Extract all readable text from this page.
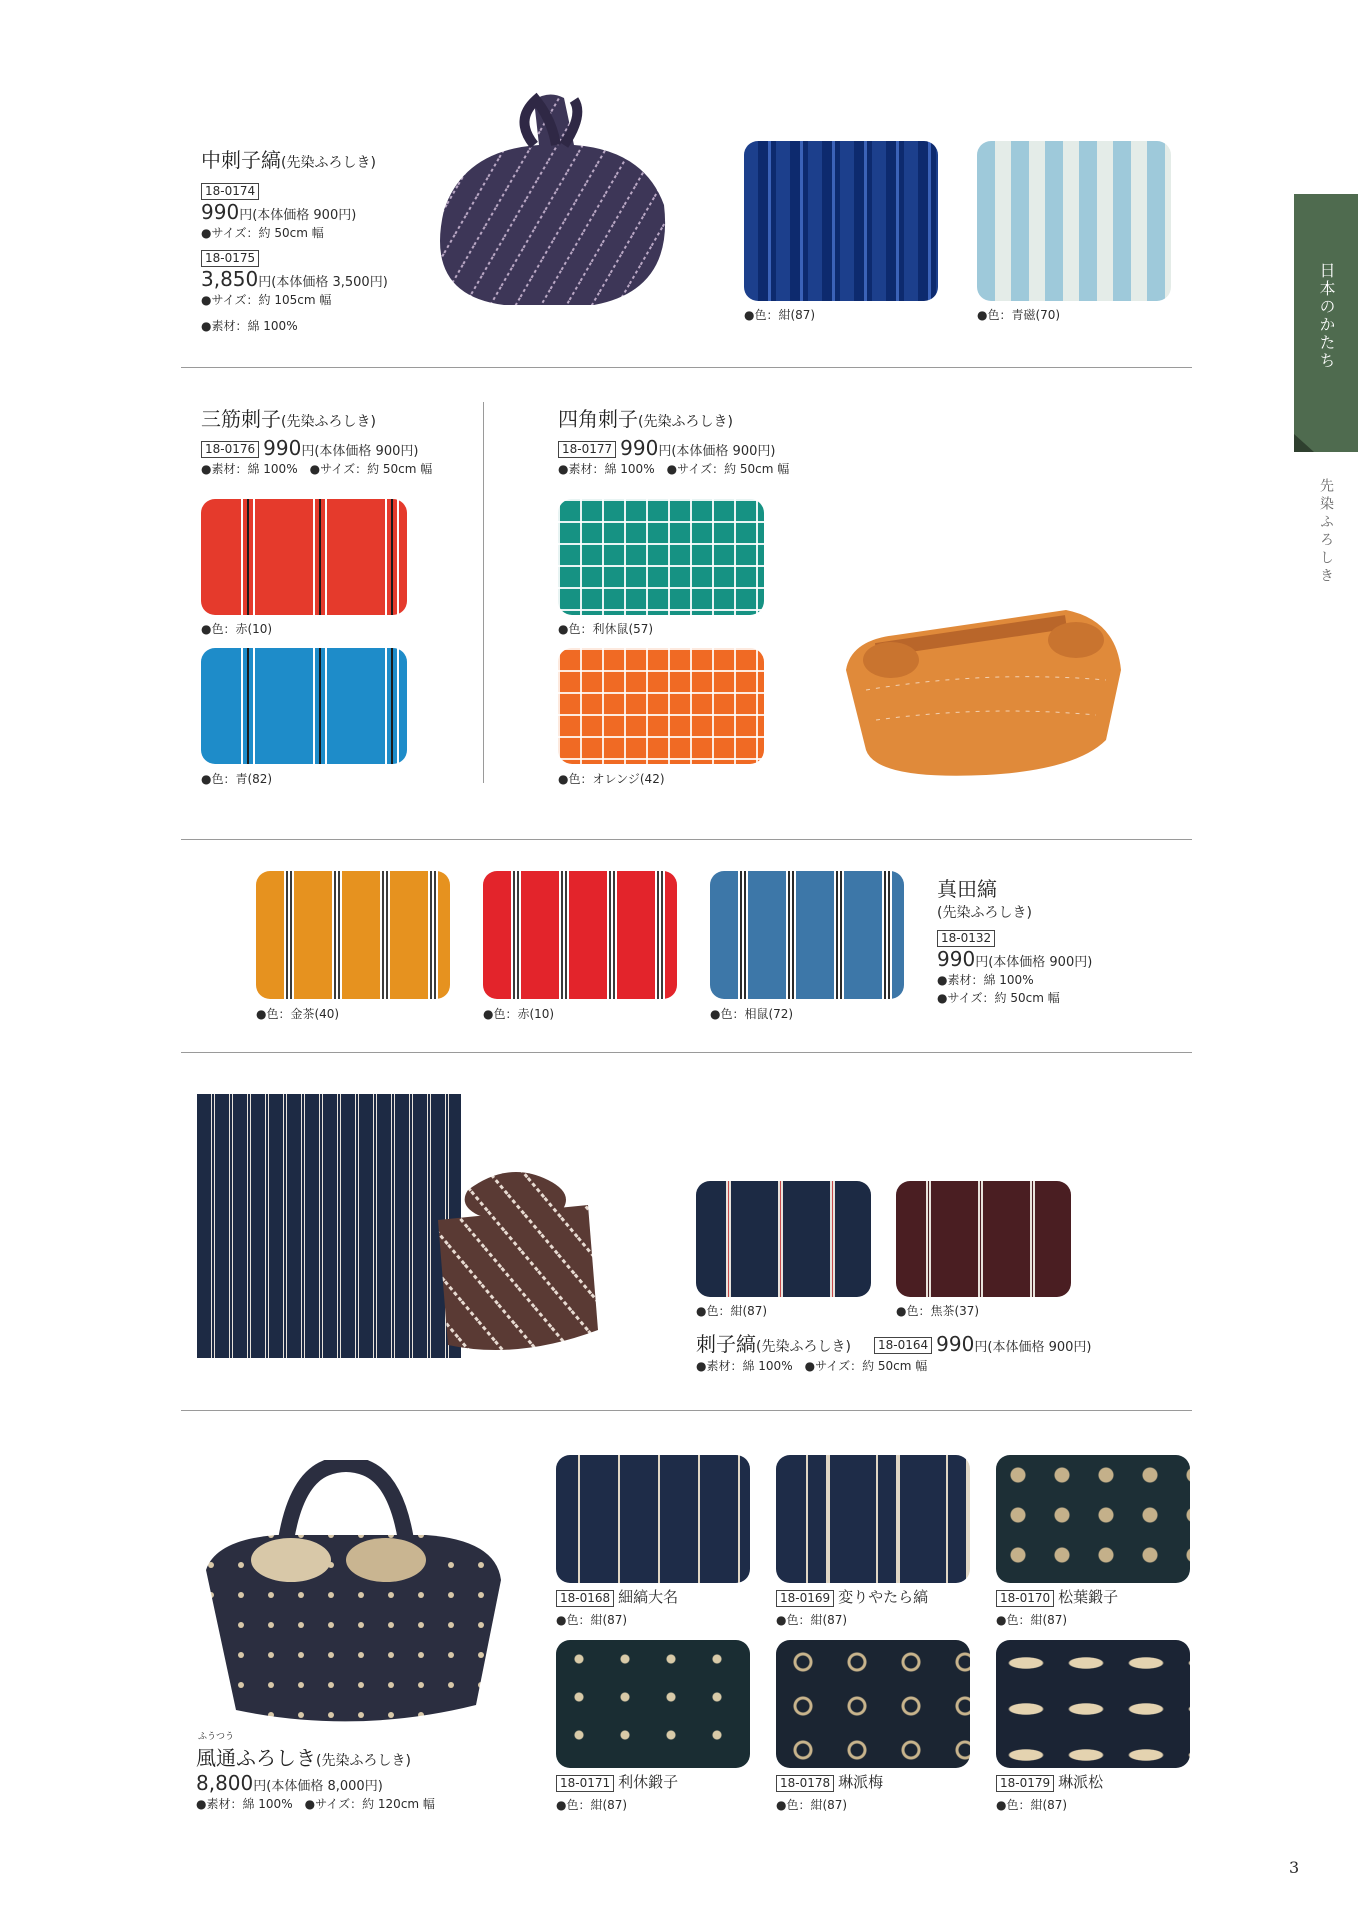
日本のかたち
先染ふろしき
中刺子縞(先染ふろしき)
18-0174
990円(本体価格 900円)
●サイズ：約 50cm 幅
18-0175
3,850円(本体価格 3,500円)
●サイズ：約 105cm 幅
●素材：綿 100%
●色：紺(87)	●色：青磁(70)
三筋刺子(先染ふろしき)
18-0176 990円(本体価格 900円)
●素材：綿 100%　●サイズ：約 50cm 幅
●色：赤(10)
●色：青(82)
四角刺子(先染ふろしき)
18-0177 990円(本体価格 900円)
●素材：綿 100%　●サイズ：約 50cm 幅
●色：利休鼠(57)
●色：オレンジ(42)
●色：金茶(40)	●色：赤(10)	●色：相鼠(72)
真田縞
(先染ふろしき)
18-0132
990円(本体価格 900円)
●素材：綿 100%
●サイズ：約 50cm 幅
●色：紺(87)	●色：焦茶(37)
刺子縞(先染ふろしき) 18-0164 990円(本体価格 900円)
●素材：綿 100%　●サイズ：約 50cm 幅
ふうつう
風通ふろしき(先染ふろしき)
8,800円(本体価格 8,000円)
●素材：綿 100%　●サイズ：約 120cm 幅
18-0168 細縞大名
●色：紺(87)
18-0169 変りやたら縞
●色：紺(87)
18-0170 松葉鍛子
●色：紺(87)
18-0171 利休鍛子
●色：紺(87)
18-0178 琳派梅
●色：紺(87)
18-0179 琳派松
●色：紺(87)
3
